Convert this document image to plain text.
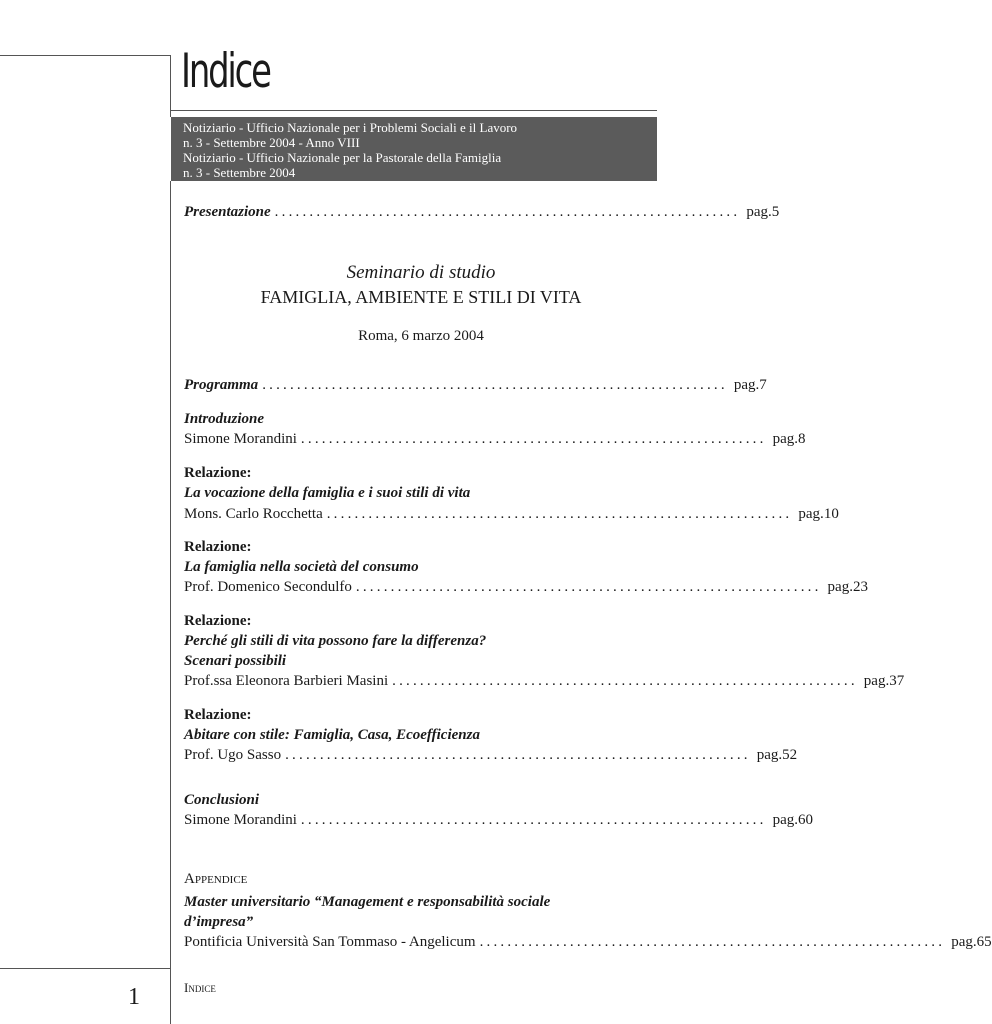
Indice
Notiziario - Ufficio Nazionale per i Problemi Sociali e il Lavoro
n. 3 - Settembre 2004 - Anno VIII
Notiziario - Ufficio Nazionale per la Pastorale della Famiglia
n. 3 - Settembre 2004
Presentazione ................................................................... pag. 5
Seminario di studio
FAMIGLIA, AMBIENTE E STILI DI VITA
Roma, 6 marzo 2004
Programma ................................................................... pag. 7
Introduzione
Simone Morandini ................................................................... pag. 8
Relazione:
La vocazione della famiglia e i suoi stili di vita
Mons. Carlo Rocchetta ................................................................... pag. 10
Relazione:
La famiglia nella società del consumo
Prof. Domenico Secondulfo ................................................................... pag. 23
Relazione:
Perché gli stili di vita possono fare la differenza?
Scenari possibili
Prof.ssa Eleonora Barbieri Masini ................................................................... pag. 37
Relazione:
Abitare con stile: Famiglia, Casa, Ecoefficienza
Prof. Ugo Sasso ................................................................... pag. 52
Conclusioni
Simone Morandini ................................................................... pag. 60
Appendice
Master universitario “Management e responsabilità sociale
d’impresa”
Pontificia Università San Tommaso - Angelicum ................................................................... pag. 65
1	Indice
